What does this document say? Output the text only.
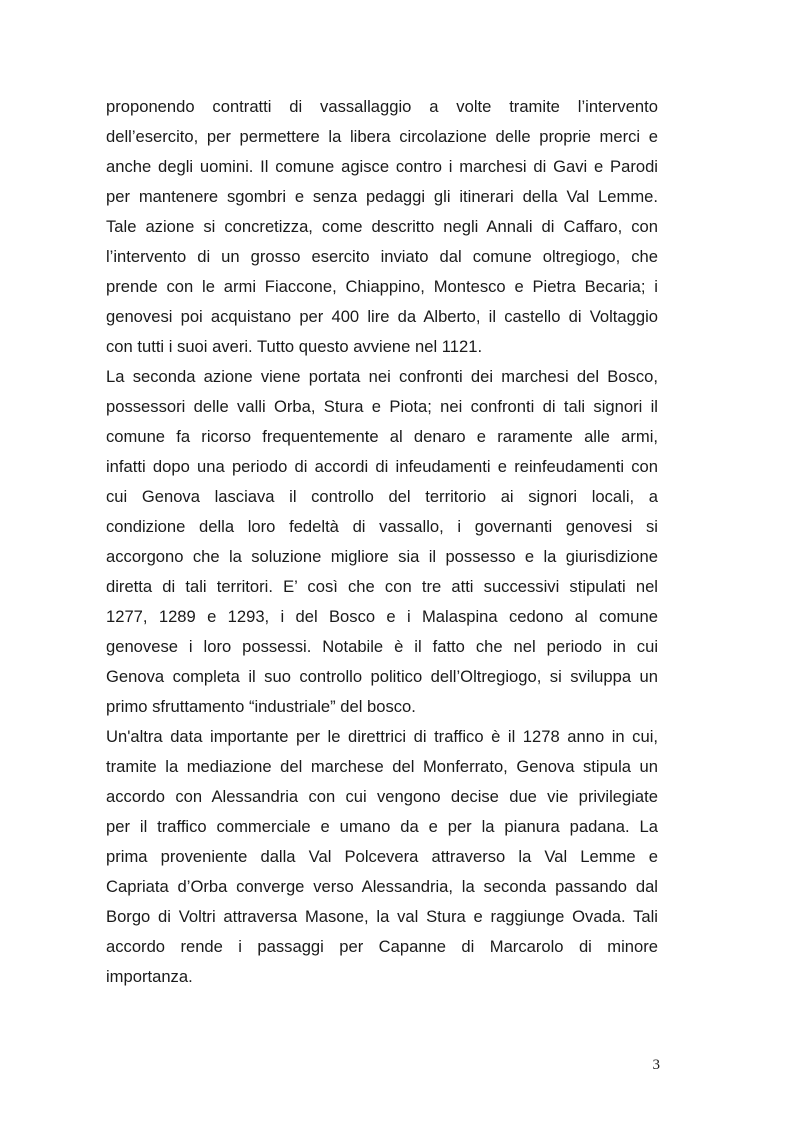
proponendo contratti di vassallaggio a volte tramite l’intervento
dell’esercito, per permettere la libera circolazione delle proprie merci e
anche degli uomini. Il comune agisce contro i marchesi di Gavi e Parodi
per mantenere sgombri e senza pedaggi gli itinerari della Val Lemme.
Tale azione si concretizza, come descritto negli Annali di Caffaro, con
l’intervento di un grosso esercito inviato dal comune oltregiogo, che
prende con le armi Fiaccone, Chiappino, Montesco e Pietra Becaria; i
genovesi poi acquistano per 400 lire da Alberto, il castello di Voltaggio
con tutti i suoi averi. Tutto questo avviene nel 1121.
La seconda azione viene portata nei confronti dei marchesi del Bosco,
possessori delle valli Orba, Stura e Piota; nei confronti di tali signori il
comune fa ricorso frequentemente al denaro e raramente alle armi,
infatti dopo una periodo di accordi di infeudamenti e reinfeudamenti con
cui Genova lasciava il controllo del territorio ai signori locali, a
condizione della loro fedeltà di vassallo, i governanti genovesi si
accorgono che la soluzione migliore sia il possesso e la giurisdizione
diretta di tali territori. E’ così che con tre atti successivi stipulati nel
1277, 1289 e 1293, i del Bosco e i Malaspina cedono al comune
genovese i loro possessi. Notabile è il fatto che nel periodo in cui
Genova completa il suo controllo politico dell’Oltregiogo, si sviluppa un
primo sfruttamento “industriale” del bosco.
Un'altra data importante per le direttrici di traffico è il 1278 anno in cui,
tramite la mediazione del marchese del Monferrato, Genova stipula un
accordo con Alessandria con cui vengono decise due vie privilegiate
per il traffico commerciale e umano da e per la pianura padana. La
prima proveniente dalla Val Polcevera attraverso la Val Lemme e
Capriata d’Orba converge verso Alessandria, la seconda passando dal
Borgo di Voltri attraversa Masone, la val Stura e raggiunge Ovada. Tali
accordo rende i passaggi per Capanne di Marcarolo di minore
importanza.
3
